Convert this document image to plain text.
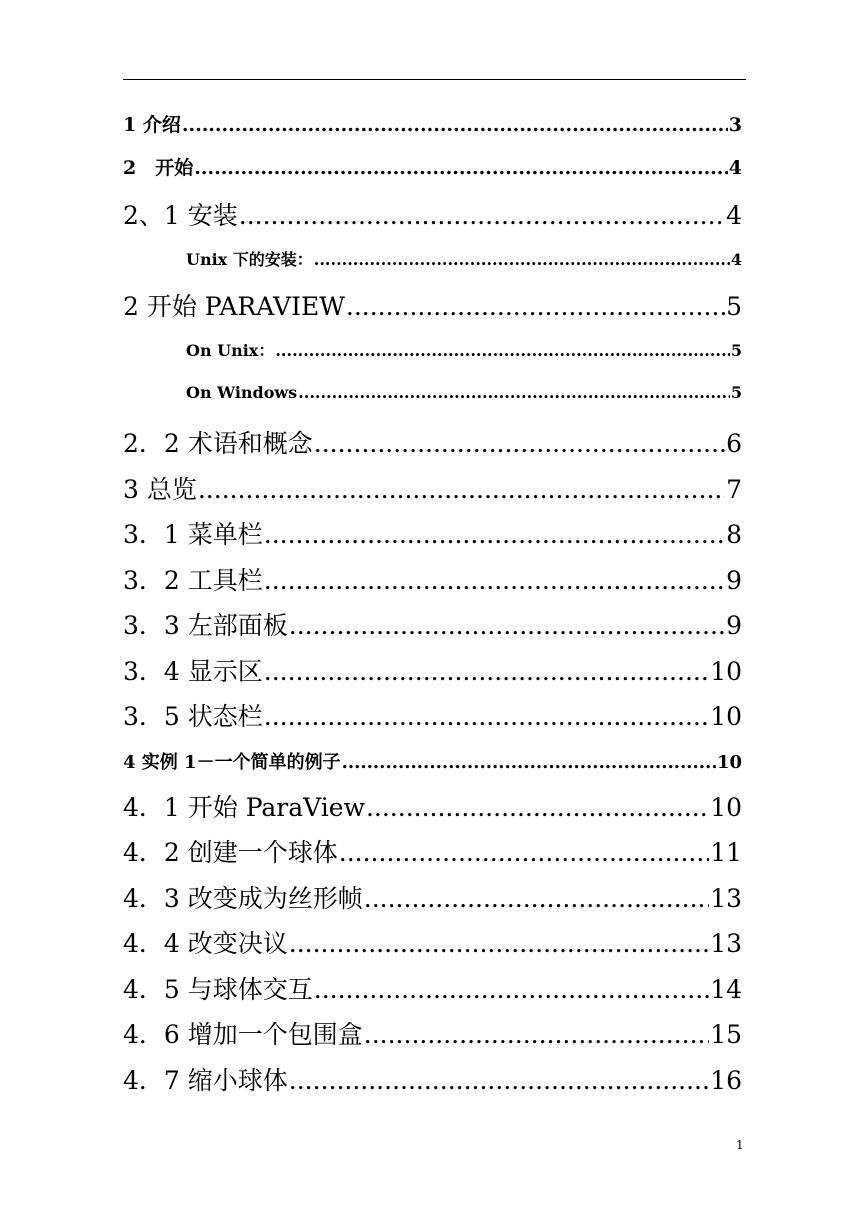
1 介绍 .....	3
2　开始 .....	4
2、1 安装 .....	4
Unix 下的安装： .....	4
2 开始 PARAVIEW .....	5
On Unix： .....	5
On Windows .....	5
2．2 术语和概念 .....	6
3 总览 .....	7
3．1 菜单栏 .....	8
3．2 工具栏 .....	9
3．3 左部面板 .....	9
3．4 显示区 .....	10
3．5 状态栏 .....	10
4 实例 1－一个简单的例子 .....	10
4．1 开始 ParaView .....	10
4．2 创建一个球体 .....	11
4．3 改变成为丝形帧 .....	13
4．4 改变决议 .....	13
4．5 与球体交互 .....	14
4．6 增加一个包围盒 .....	15
4．7 缩小球体 .....	16
1
